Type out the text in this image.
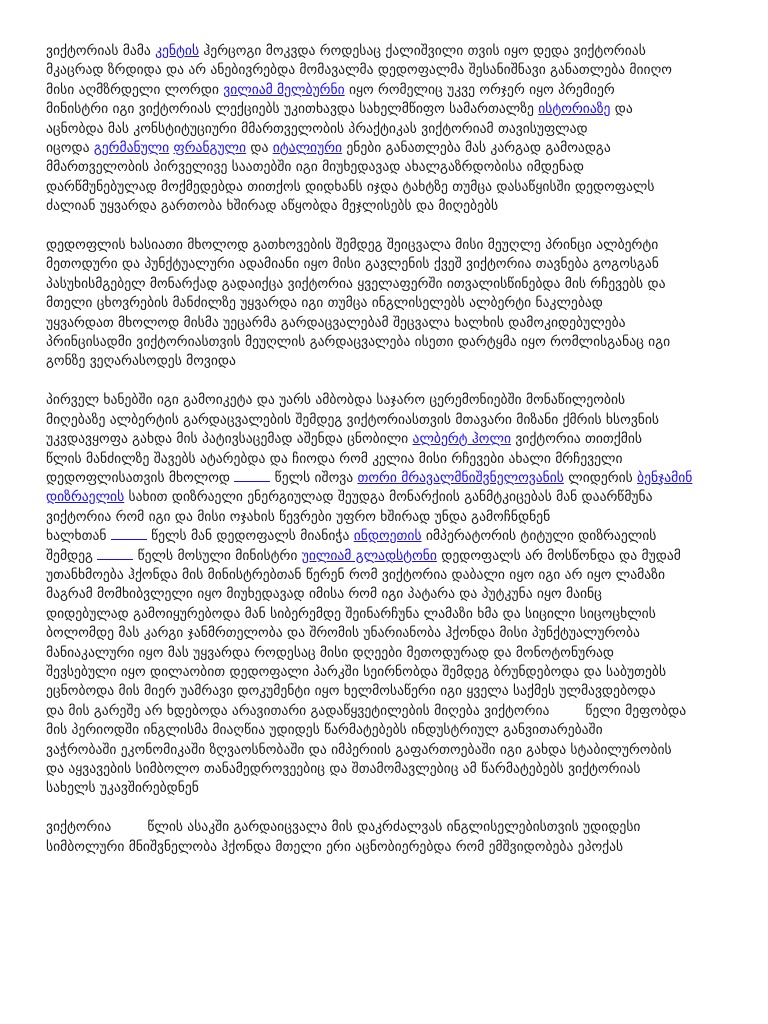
ვიქტორიას მამა კენტის ჰერცოგი მოკვდა როდესაც ქალიშვილი თვის იყო დედა ვიქტორიას
მკაცრად ზრდიდა და არ ანებივრებდა მომავალმა დედოფალმა შესანიშნავი განათლება მიიღო
მისი აღმზრდელი ლორდი ვილიამ მელბურნი იყო რომელიც უკვე ორჯერ იყო პრემიერ
მინისტრი იგი ვიქტორიას ლექციებს უკითხავდა სახელმწიფო სამართალზე ისტორიაზე და
აცნობდა მას კონსტიტუციური მმართველობის პრაქტიკას ვიქტორიამ თავისუფლად
იცოდა გერმანული ფრანგული და იტალიური ენები განათლება მას კარგად გამოადგა
მმართველობის პირველივე საათებში იგი მიუხედავად ახალგაზრდობისა იმდენად
დარწმუნებულად მოქმედებდა თითქოს დიდხანს იჯდა ტახტზე თუმცა დასაწყისში დედოფალს
ძალიან უყვარდა გართობა ხშირად აწყობდა მეჯლისებს და მიღებებს
დედოფლის ხასიათი მხოლოდ გათხოვების შემდეგ შეიცვალა მისი მეუღლე პრინცი ალბერტი
მეთოდური და პუნქტუალური ადამიანი იყო მისი გავლენის ქვეშ ვიქტორია თავნება გოგოსგან
პასუხისმგებელ მონარქად გადაიქცა ვიქტორია ყველაფერში ითვალისწინებდა მის რჩევებს და
მთელი ცხოვრების მანძილზე უყვარდა იგი თუმცა ინგლისელებს ალბერტი ნაკლებად
უყვარდათ მხოლოდ მისმა უეცარმა გარდაცვალებამ შეცვალა ხალხის დამოკიდებულება
პრინცისადმი ვიქტორიასთვის მეუღლის გარდაცვალება ისეთი დარტყმა იყო რომლისგანაც იგი
გონზე ვეღარასოდეს მოვიდა
პირველ ხანებში იგი გამოიკეტა და უარს ამბობდა საჯარო ცერემონიებში მონაწილეობის
მიღებაზე ალბერტის გარდაცვალების შემდეგ ვიქტორიასთვის მთავარი მიზანი ქმრის ხსოვნის
უკვდავყოფა გახდა მის პატივსაცემად აშენდა ცნობილი ალბერტ ჰოლი ვიქტორია თითქმის
წლის მანძილზე შავებს ატარებდა და ჩიოდა რომ კელია მისი რჩევები ახალი მრჩეველი
დედოფლისათვის მხოლოდ	წელს იშოვა თორი მრავალმნიშვნელოვანის ლიდერის ბენჯამინ
დიზრაელის სახით დიზრაელი ენერგიულად შეუდგა მონარქიის განმტკიცებას მან დაარწმუნა
ვიქტორია რომ იგი და მისი ოჯახის წევრები უფრო ხშირად უნდა გამოჩნდნენ
ხალხთან	წელს მან დედოფალს მიანიჭა ინდოეთის იმპერატორის ტიტული დიზრაელის
შემდეგ	წელს მოსული მინისტრი უილიამ გლადსტონი დედოფალს არ მოსწონდა და მუდამ
უთანხმოება ჰქონდა მის მინისტრებთან წერენ რომ ვიქტორია დაბალი იყო იგი არ იყო ლამაზი
მაგრამ მომხიბვლელი იყო მიუხედავად იმისა რომ იგი პატარა და პუტკუნა იყო მაინც
დიდებულად გამოიყურებოდა მან სიბერემდე შეინარჩუნა ლამაზი ხმა და სიცილი სიცოცხლის
ბოლომდე მას კარგი ჯანმრთელობა და შრომის უნარიანობა ჰქონდა მისი პუნქტუალურობა
მანიაკალური იყო მას უყვარდა როდესაც მისი დღეები მეთოდურად და მონოტონურად
შევსებული იყო დილაობით დედოფალი პარკში სეირნობდა შემდეგ ბრუნდებოდა და საბუთებს
ეცნობოდა მის მიერ უამრავი დოკუმენტი იყო ხელმოსაწერი იგი ყველა საქმეს ულმავდებოდა
და მის გარეშე არ ხდებოდა არავითარი გადაწყვეტილების მიღება ვიქტორია	წელი მეფობდა
მის პერიოდში ინგლისმა მიაღწია უდიდეს წარმატებებს ინდუსტრიულ განვითარებაში
ვაჭრობაში ეკონომიკაში ზღვაოსნობაში და იმპერიის გაფართოებაში იგი გახდა სტაბილურობის
და აყვავების სიმბოლო თანამედროვეებიც და შთამომავლებიც ამ წარმატებებს ვიქტორიას
სახელს უკავშირებდნენ
ვიქტორია	წლის ასაკში გარდაიცვალა მის დაკრძალვას ინგლისელებისთვის უდიდესი
სიმბოლური მნიშვნელობა ჰქონდა მთელი ერი აცნობიერებდა რომ ემშვიდობება ეპოქას
